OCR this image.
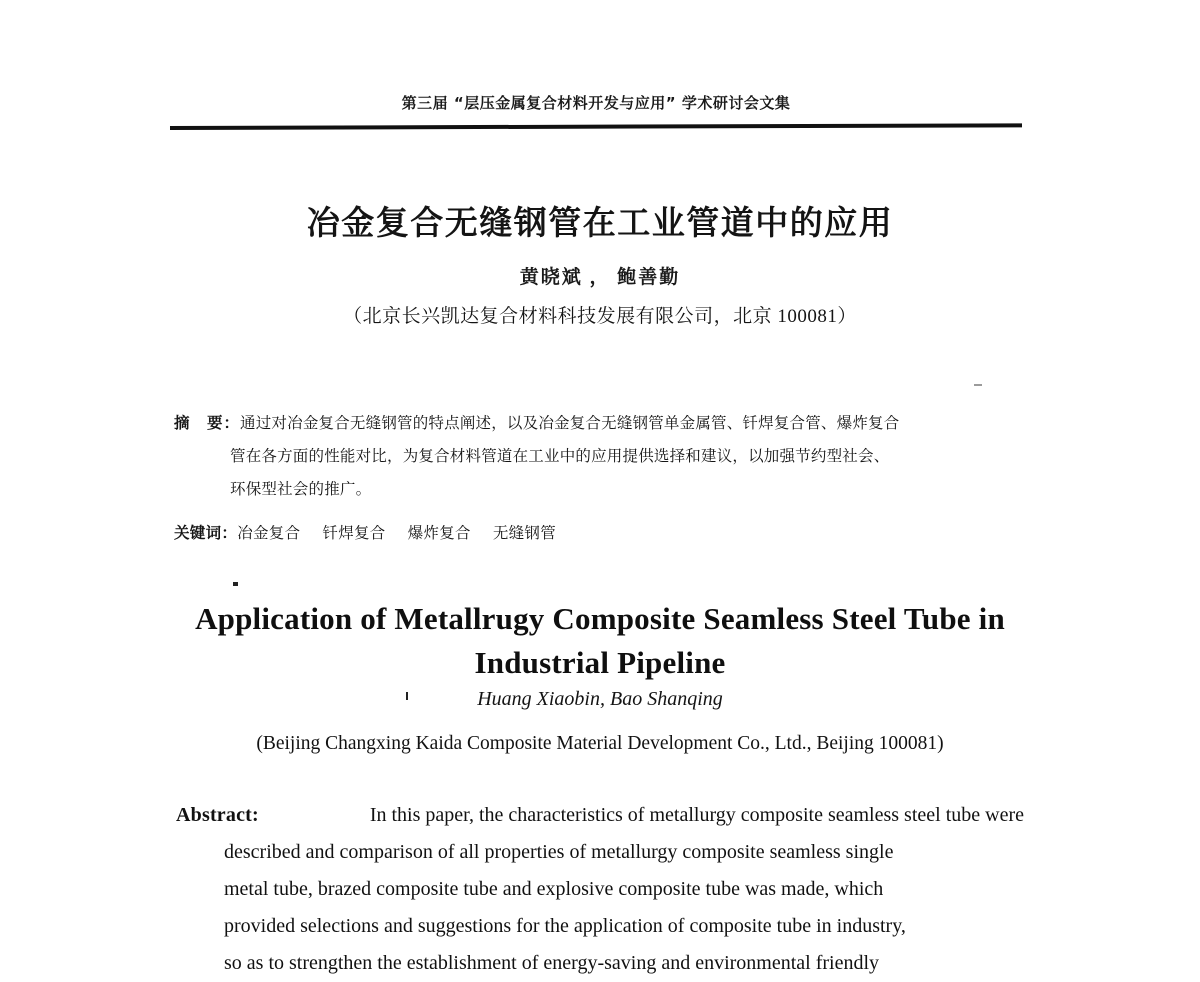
第三届 “层压金属复合材料开发与应用” 学术研讨会文集
冶金复合无缝钢管在工业管道中的应用
黄晓斌 ， 鲍善勤
（北京长兴凯达复合材料科技发展有限公司，北京 100081）
摘　要：通过对冶金复合无缝钢管的特点阐述，以及冶金复合无缝钢管单金属管、钎焊复合管、爆炸复合
管在各方面的性能对比，为复合材料管道在工业中的应用提供选择和建议，以加强节约型社会、
环保型社会的推广。
关键词：冶金复合 钎焊复合 爆炸复合 无缝钢管
Application of Metallrugy Composite Seamless Steel Tube in
Industrial Pipeline
Huang Xiaobin, Bao Shanqing
(Beijing Changxing Kaida Composite Material Development Co., Ltd., Beijing 100081)
Abstract:	In this paper, the characteristics of metallurgy composite seamless steel tube were
described and comparison of all properties of metallurgy composite seamless single
metal tube, brazed composite tube and explosive composite tube was made, which
provided selections and suggestions for the application of composite tube in industry,
so as to strengthen the establishment of energy-saving and environmental friendly
